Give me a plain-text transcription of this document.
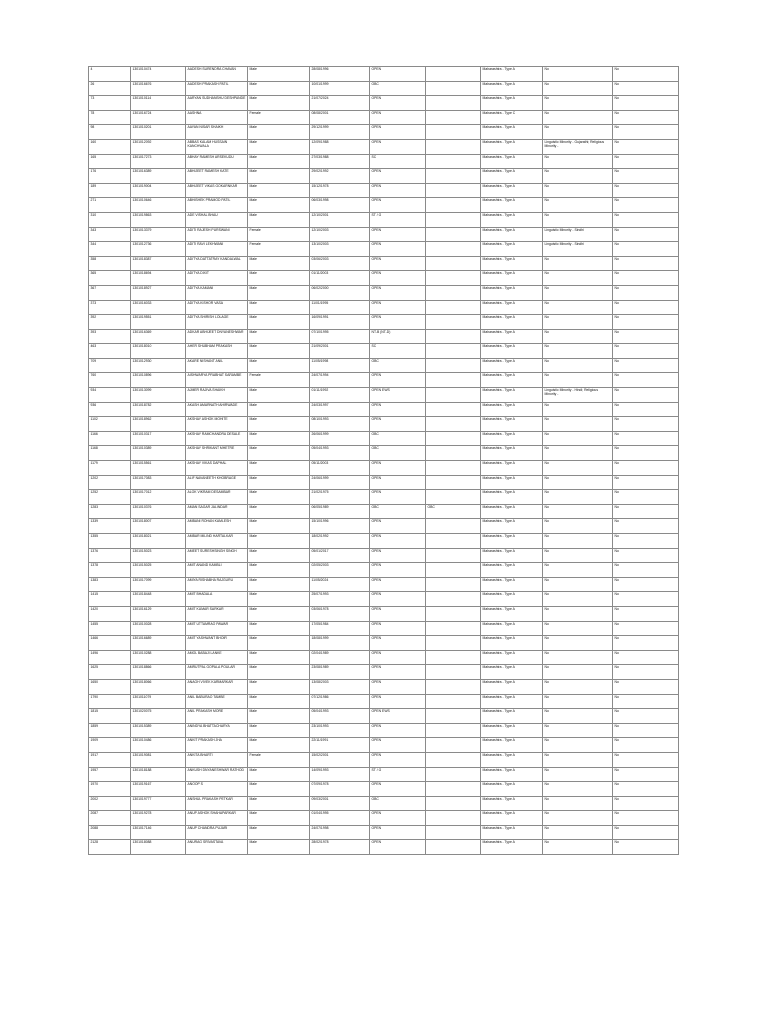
4	1301010474	AADESH SURENDRA CHAVAN	Male	28/08/1996	OPEN		Maharashtra - Type A	No	No
26	1301016676	AADESH PRAKASH PATIL	Male	10/01/1999	OBC		Maharashtra - Type A	No	No
73	1301010114	AARYAN SUDHANSHU DESHPANDE	Male	21/07/2024	OPEN		Maharashtra - Type A	No	No
78	1301016724	AASHNA	Female	08/08/2001	OPEN		Maharashtra - Type C	No	No
98	1301010201	AAYAN NISAR SHAIKH	Male	29/12/1999	OPEN		Maharashtra - Type A	No	No
160	1301012092	ABBAS KALAM HUSSAIN KANCHWALA	Male	12/09/1988	OPEN		Maharashtra - Type A	Linguistic Minority - Gujarathi; Religious Minority -	No
165	1301017273	ABHAY RAMESH ARSEKUDU	Male	27/03/1988	SC		Maharashtra - Type A	No	No
176	1301016389	ABHIJEET RAMESH KATE	Male	29/02/1992	OPEN		Maharashtra - Type A	No	No
189	1301019004	ABHIJEET VIKAS GOKARNKAR	Male	15/12/1978	OPEN		Maharashtra - Type A	No	No
271	1301010646	ABHISHEK PRAMOD PATIL	Male	06/03/1998	OPEN		Maharashtra - Type A	No	No
310	1301019863	ADE VISHAL BHAU	Male	12/10/2001	ST / G		Maharashtra - Type A	No	No
343	1301013379	ADITI RAJESH PURSWANI	Female	12/10/2003	OPEN		Maharashtra - Type A	Linguistic Minority - Sindhi	No
344	1301012736	ADITI RAVI LEKHWANI	Female	13/10/2003	OPEN		Maharashtra - Type A	Linguistic Minority - Sindhi	No
358	1301018387	ADITYA DATTATRAY KANDALWAL	Male	03/06/2003	OPEN		Maharashtra - Type A	No	No
365	1301018694	ADITYA DIXIT	Male	01/11/2003	OPEN		Maharashtra - Type A	No	No
367	1301018927	ADITYA KAMANI	Male	06/02/2000	OPEN		Maharashtra - Type A	No	No
373	1301016033	ADITYA KISHOR VASA	Male	11/01/1995	OPEN		Maharashtra - Type A	No	No
392	1301019551	ADITYA SHIRISH LOLAGE	Male	16/09/1991	OPEN		Maharashtra - Type A	No	No
393	1301016369	ADKAR ABHIJEET DNYANESHWAR	Male	07/10/1995	NT-B (NT-D)		Maharashtra - Type A	No	No
463	1301018010	AHER SHUBHAM PRAKASH	Male	21/09/2001	SC		Maharashtra - Type A	No	No
709	1301012930	AKARE NISHANT ANIL	Male	11/05/1998	OBC		Maharashtra - Type A	No	No
760	1301010896	AISHWARYA PRABHAT SARAMBE	Female	24/07/1994	OPEN		Maharashtra - Type A	No	No
934	1301013099	AJMER RAJIVA SHAIKH	Male	01/11/1992	OPEN EWS		Maharashtra - Type A	Linguistic Minority - Hindi; Religious Minority -	No
936	1301018782	AKASH AMARNATH AHIRWADE	Male	24/03/1997	OPEN		Maharashtra - Type A	No	No
1102	1301018962	AKSHAY ASHOK MOHITE	Male	08/10/1993	OPEN		Maharashtra - Type A	No	No
1166	1301010317	AKSHAY RAMCHANDRA DESALE	Male	26/06/1999	OBC		Maharashtra - Type A	No	No
1168	1301010389	AKSHAY SHRIKANT MHETRE	Male	05/04/1993	OBC		Maharashtra - Type A	No	No
1179	1301015561	AKSHAY VIKAS DAPHAL	Male	05/11/2003	OPEN		Maharashtra - Type A	No	No
1202	1301017083	ALIF NAVANEETH KHOBRAGE	Male	24/06/1999	OPEN		Maharashtra - Type A	No	No
1252	1301017012	ALOK VIKRAM DESAMBAR	Male	21/02/1975	OPEN		Maharashtra - Type A	No	No
1283	1301010376	AMAN SAGAR JALINDAR	Male	06/05/1989	OBC	OBC	Maharashtra - Type A	No	No
1339	1301018007	AMBANI ROHAN KAMLESH	Male	15/10/1996	OPEN		Maharashtra - Type A	No	No
1355	1301018021	AMBAR MILIND HARTALKAR	Male	18/02/1992	OPEN		Maharashtra - Type A	No	No
1376	1301015023	AMEET SURESHSINGH SINGH	Male	05/01/2017	OPEN		Maharashtra - Type A	No	No
1378	1301015025	AMIT ANAND KAMBLI	Male	02/05/2003	OPEN		Maharashtra - Type A	No	No
1383	1301017099	AMIYA RISHABHA RAJGURU	Male	11/05/2024	OPEN		Maharashtra - Type A	No	No
1415	1301018448	AMIT BHADALA	Male	25/07/1993	OPEN		Maharashtra - Type A	No	No
1420	1301016129	AMIT KUMAR SARKAR	Male	03/06/1978	OPEN		Maharashtra - Type A	No	No
1455	1301010028	AMIT UTTAMRAO PAWAR	Male	17/05/1984	OPEN		Maharashtra - Type A	No	No
1466	1301016689	AMIT YASHWANT BHOIR	Male	18/08/1999	OPEN		Maharashtra - Type A	No	No
1496	1301010288	AMOL BABAJI LANKE	Male	02/04/1989	OPEN		Maharashtra - Type A	No	No
1625	1301018866	AMRUTPAL GOPALA POULAR	Male	23/08/1989	OPEN		Maharashtra - Type A	No	No
1650	1301018066	ANAGH VIVEK KARMARKAR	Male	13/08/2003	OPEN		Maharashtra - Type A	No	No
1790	1301011079	ANIL BABURAO TAMBE	Male	07/12/1986	OPEN		Maharashtra - Type A	No	No
1815	1301020075	ANIL PRAKASH MORE	Male	05/04/1993	OPEN EWS		Maharashtra - Type A	No	No
1859	1301015389	ANINDYA BHATTACHARYA	Male	23/10/1993	OPEN		Maharashtra - Type A	No	No
1909	1301010486	ANKIT PRAKASH JHA	Male	22/11/1991	OPEN		Maharashtra - Type A	No	No
1917	1301019081	ANKITA BHARTI	Female	15/02/2001	OPEN		Maharashtra - Type A	No	No
1957	1301018188	ANKUSH DNYANESHWAR RATHOD	Male	14/09/1993	ST / G		Maharashtra - Type A	No	No
1970	1301019167	ANOOP S	Male	07/09/1978	OPEN		Maharashtra - Type A	No	No
2002	1301019777	ANSHUL PRAKASH PETKAR	Male	09/03/2001	OBC		Maharashtra - Type A	No	No
2087	1301019278	ANUP ASHOK SHAHAPARKAR	Male	01/04/1995	OPEN		Maharashtra - Type A	No	No
2088	1301017146	ANUP CHANDRA PUJARI	Male	24/07/1998	OPEN		Maharashtra - Type A	No	No
2128	1301018088	ANURAG SRIVASTAVA	Male	28/02/1978	OPEN		Maharashtra - Type A	No	No
